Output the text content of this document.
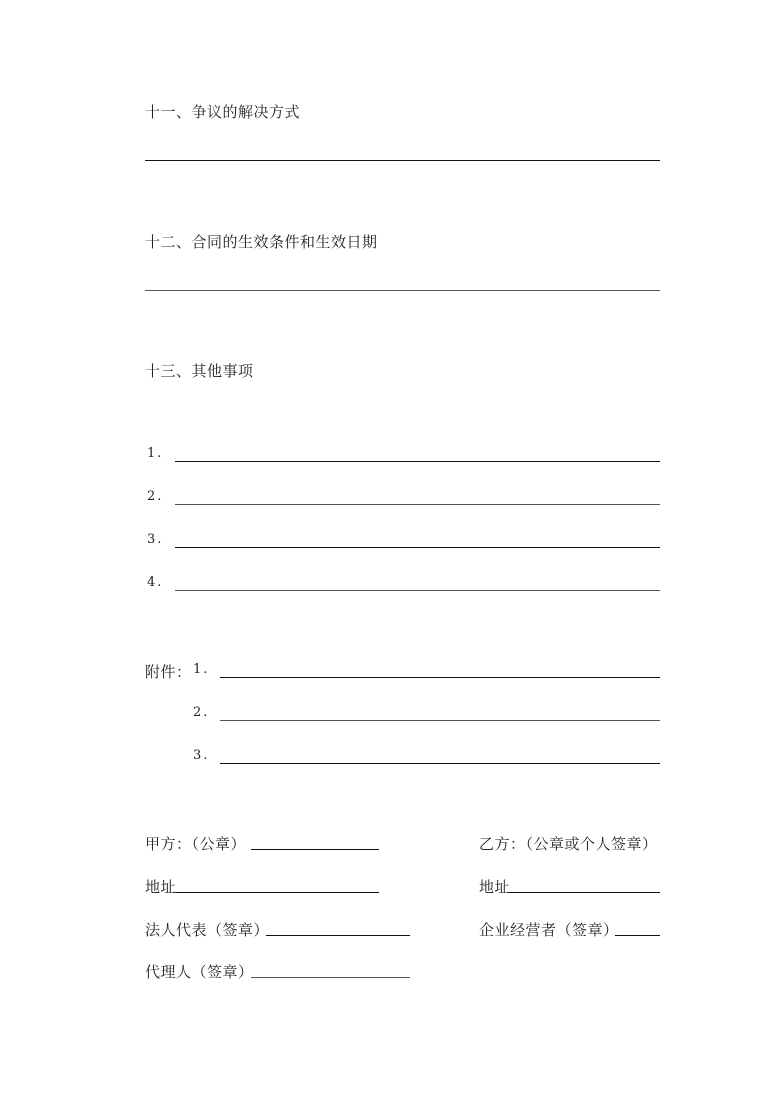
十一、争议的解决方式
十二、合同的生效条件和生效日期
十三、其他事项
1.
2.
3.
4.
附件： 1.
2.
3.
甲方：（公章）	乙方：（公章或个人签章）
地址	地址
法人代表（签章）	企业经营者（签章）
代理人（签章）
